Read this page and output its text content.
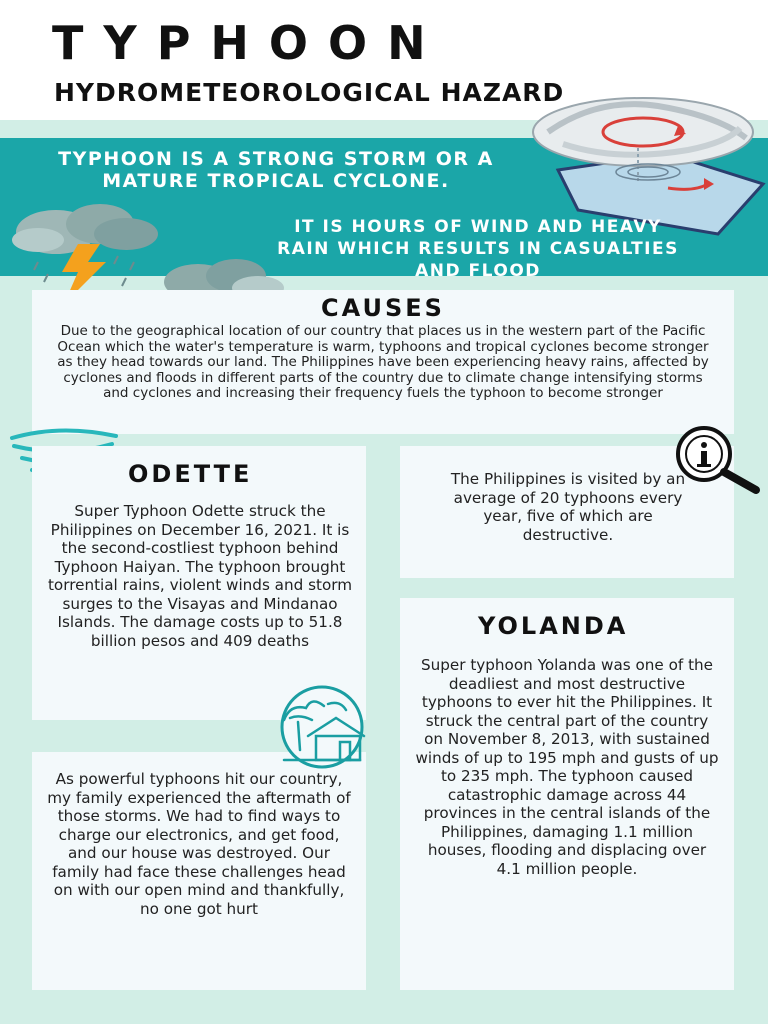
TYPHOON
HYDROMETEOROLOGICAL HAZARD
TYPHOON IS A STRONG STORM OR A MATURE TROPICAL CYCLONE.
IT IS HOURS OF WIND AND HEAVY RAIN WHICH RESULTS IN CASUALTIES AND FLOOD
CAUSES
Due to the geographical location of our country that places us in the western part of the Pacific Ocean which the water's temperature is warm, typhoons and tropical cyclones become stronger as they head towards our land. The Philippines have been experiencing heavy rains, affected by cyclones and floods in different parts of the country due to climate change intensifying storms and cyclones and increasing their frequency fuels the typhoon to become stronger
ODETTE
Super Typhoon Odette struck the Philippines on December 16, 2021. It is the second-costliest typhoon behind Typhoon Haiyan. The typhoon brought torrential rains, violent winds and storm surges to the Visayas and Mindanao Islands. The damage costs up to 51.8 billion pesos and 409 deaths
The Philippines is visited by an average of 20 typhoons every year, five of which are destructive.
YOLANDA
Super typhoon Yolanda was one of the deadliest and most destructive typhoons to ever hit the Philippines. It struck the central part of the country on November 8, 2013, with sustained winds of up to 195 mph and gusts of up to 235 mph. The typhoon caused catastrophic damage across 44 provinces in the central islands of the Philippines, damaging 1.1 million houses, flooding and displacing over 4.1 million people.
As powerful typhoons hit our country, my family experienced the aftermath of those storms. We had to find ways to charge our electronics, and get food, and our house was destroyed. Our family had face these challenges head on with our open mind and thankfully, no one got hurt
